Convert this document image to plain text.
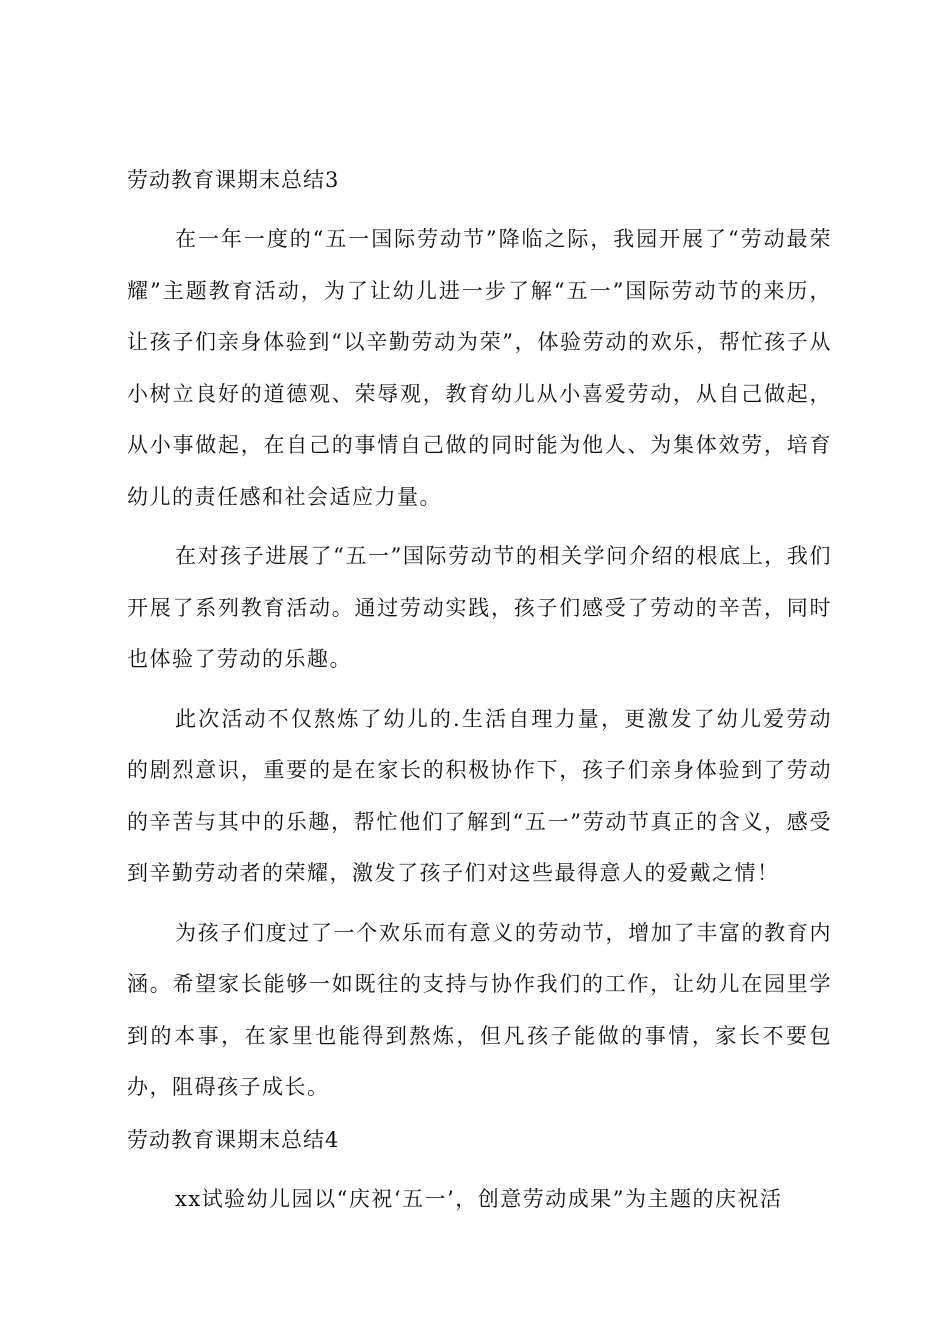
劳动教育课期末总结3

在一年一度的“五一国际劳动节”降临之际，我园开展了“劳动最荣耀”主题教育活动，为了让幼儿进一步了解“五一”国际劳动节的来历，让孩子们亲身体验到“以辛勤劳动为荣”，体验劳动的欢乐，帮忙孩子从小树立良好的道德观、荣辱观，教育幼儿从小喜爱劳动，从自己做起，从小事做起，在自己的事情自己做的同时能为他人、为集体效劳，培育幼儿的责任感和社会适应力量。

在对孩子进展了“五一”国际劳动节的相关学问介绍的根底上，我们开展了系列教育活动。通过劳动实践，孩子们感受了劳动的辛苦，同时也体验了劳动的乐趣。

此次活动不仅熬炼了幼儿的.生活自理力量，更激发了幼儿爱劳动的剧烈意识，重要的是在家长的积极协作下，孩子们亲身体验到了劳动的辛苦与其中的乐趣，帮忙他们了解到“五一”劳动节真正的含义，感受到辛勤劳动者的荣耀，激发了孩子们对这些最得意人的爱戴之情！

为孩子们度过了一个欢乐而有意义的劳动节，增加了丰富的教育内涵。希望家长能够一如既往的支持与协作我们的工作，让幼儿在园里学到的本事，在家里也能得到熬炼，但凡孩子能做的事情，家长不要包办，阻碍孩子成长。

劳动教育课期末总结4

xx试验幼儿园以“庆祝‘五一’，创意劳动成果”为主题的庆祝活
